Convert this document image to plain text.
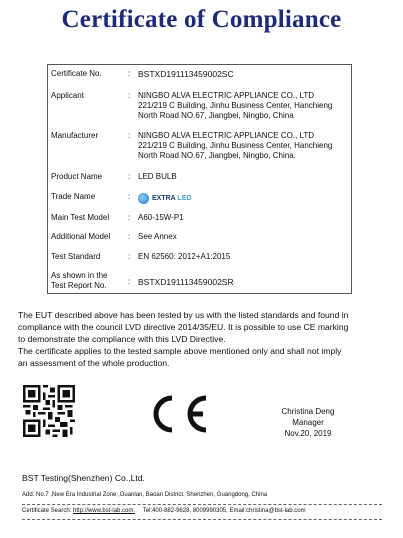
Certificate of Compliance
Certificate No.	: BSTXD191113459002SC
Applicant	: NINGBO ALVA ELECTRIC APPLIANCE CO., LTD
221/219 C Building, Jinhu Business Center, Hanchieng
North Road NO.67, Jiangbei, Ningbo, China
Manufacturer	: NINGBO ALVA ELECTRIC APPLIANCE CO., LTD
221/219 C Building, Jinhu Business Center, Hanchieng
North Road NO.67, Jiangbei, Ningbo, China.
Product Name	: LED BULB
Trade Name	:	EXTRA LED
Main Test Model	: A60-15W-P1
Additional Model	: See Annex
Test Standard	: EN 62560: 2012+A1:2015
As shown in the
Test Report No.	: BSTXD191113459002SR
The EUT described above has been tested by us with the listed standards and found in
compliance with the council LVD directive 2014/35/EU. It is possible to use CE marking
to demonstrate the compliance with this LVD Directive.
The certificate applies to the tested sample above mentioned only and shall not imply
an assessment of the whole production.
Christina Deng
Manager
Nov.20, 2019
BST Testing(Shenzhen) Co.,Ltd.
Add: No.7 ,New Era Industrial Zone ,Guanlan, Baoan District, Shenzhen, Guangdong, China
Certificate Search: http://www.bst-lab.com. Tel:400-882-9628, 8009990305, Email:christina@bst-lab.com
